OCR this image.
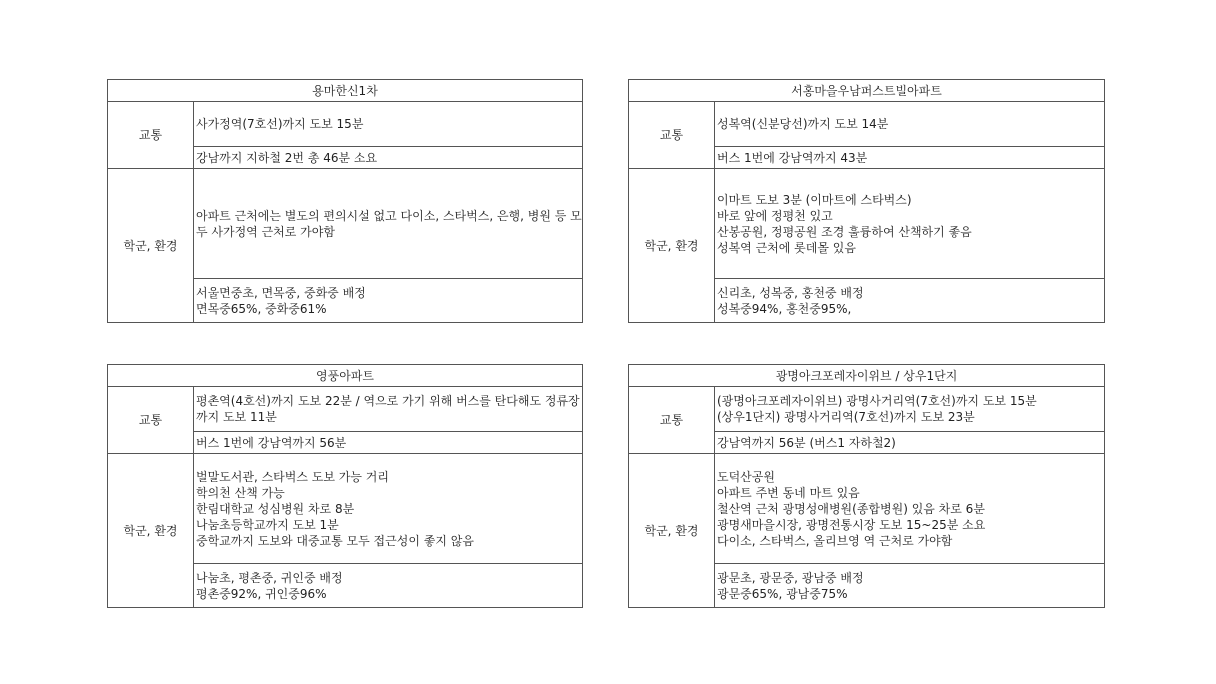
용마한신1차	
교통	사가정역(7호선)까지 도보 15분

	강남까지 지하철 2번 총 46분 소요

학군, 환경	아파트 근처에는 별도의 편의시설 없고 다이소, 스타벅스, 은행, 병원 등 모두 사가정역 근처로 가야함

	서울면중초, 면목중, 중화중 배정
면목중65%, 중화중61%
서홍마을우남퍼스트빌아파트	
교통	성복역(신분당선)까지 도보 14분

	버스 1번에 강남역까지 43분

학군, 환경	이마트 도보 3분 (이마트에 스타벅스)
바로 앞에 정평천 있고
산봉공원, 정평공원 조경 훌륭하여 산책하기 좋음
성복역 근처에 롯데몰 있음

	신리초, 성복중, 홍천중 배정
성복중94%, 홍천중95%,
영풍아파트	
교통	평촌역(4호선)까지 도보 22분 / 역으로 가기 위해 버스를 탄다해도 정류장까지 도보 11분

	버스 1번에 강남역까지 56분

학군, 환경	벌말도서관, 스타벅스 도보 가능 거리
학의천 산책 가능
한림대학교 성심병원 차로 8분
나눔초등학교까지 도보 1분
중학교까지 도보와 대중교통 모두 접근성이 좋지 않음

	나눔초, 평촌중, 귀인중 배정
평촌중92%, 귀인중96%
광명아크포레자이위브 / 상우1단지	
교통	(광명아크포레자이위브) 광명사거리역(7호선)까지 도보 15분
(상우1단지) 광명사거리역(7호선)까지 도보 23분

	강남역까지 56분 (버스1 자하철2)

학군, 환경	도덕산공원
아파트 주변 동네 마트 있음
철산역 근처 광명성애병원(종합병원) 있음 차로 6분
광명새마을시장, 광명전통시장 도보 15~25분 소요
다이소, 스타벅스, 올리브영 역 근처로 가야함

	광문초, 광문중, 광남중 배정
광문중65%, 광남중75%
